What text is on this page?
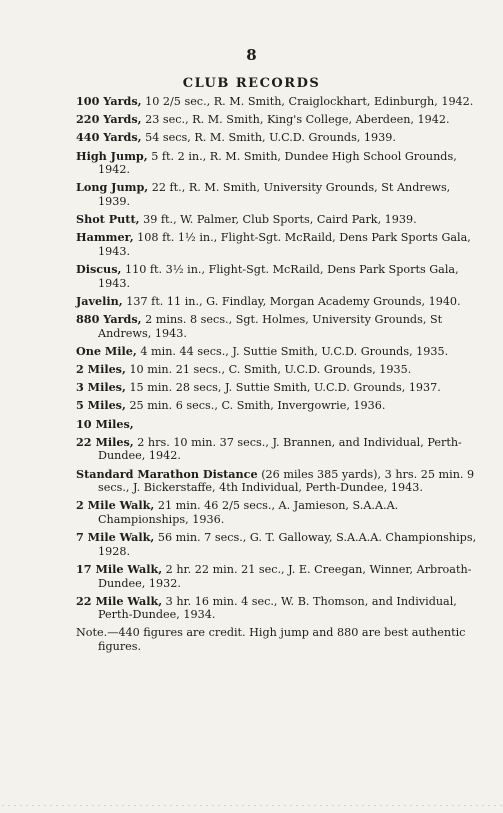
8
CLUB RECORDS
100 Yards, 10 2/5 sec., R. M. Smith, Craiglockhart, Edinburgh, 1942.
220 Yards, 23 sec., R. M. Smith, King's College, Aberdeen, 1942.
440 Yards, 54 secs, R. M. Smith, U.C.D. Grounds, 1939.
High Jump, 5 ft. 2 in., R. M. Smith, Dundee High School Grounds, 1942.
Long Jump, 22 ft., R. M. Smith, University Grounds, St Andrews, 1939.
Shot Putt, 39 ft., W. Palmer, Club Sports, Caird Park, 1939.
Hammer, 108 ft. 1½ in., Flight-Sgt. McRaild, Dens Park Sports Gala, 1943.
Discus, 110 ft. 3½ in., Flight-Sgt. McRaild, Dens Park Sports Gala, 1943.
Javelin, 137 ft. 11 in., G. Findlay, Morgan Academy Grounds, 1940.
880 Yards, 2 mins. 8 secs., Sgt. Holmes, University Grounds, St Andrews, 1943.
One Mile, 4 min. 44 secs., J. Suttie Smith, U.C.D. Grounds, 1935.
2 Miles, 10 min. 21 secs., C. Smith, U.C.D. Grounds, 1935.
3 Miles, 15 min. 28 secs, J. Suttie Smith, U.C.D. Grounds, 1937.
5 Miles, 25 min. 6 secs., C. Smith, Invergowrie, 1936.
10 Miles,
22 Miles, 2 hrs. 10 min. 37 secs., J. Brannen, and Individual, Perth-Dundee, 1942.
Standard Marathon Distance (26 miles 385 yards), 3 hrs. 25 min. 9 secs., J. Bickerstaffe, 4th Individual, Perth-Dundee, 1943.
2 Mile Walk, 21 min. 46 2/5 secs., A. Jamieson, S.A.A.A. Championships, 1936.
7 Mile Walk, 56 min. 7 secs., G. T. Galloway, S.A.A.A. Championships, 1928.
17 Mile Walk, 2 hr. 22 min. 21 sec., J. E. Creegan, Winner, Arbroath-Dundee, 1932.
22 Mile Walk, 3 hr. 16 min. 4 sec., W. B. Thomson, and Individual, Perth-Dundee, 1934.
Note.—440 figures are credit. High jump and 880 are best authentic figures.
